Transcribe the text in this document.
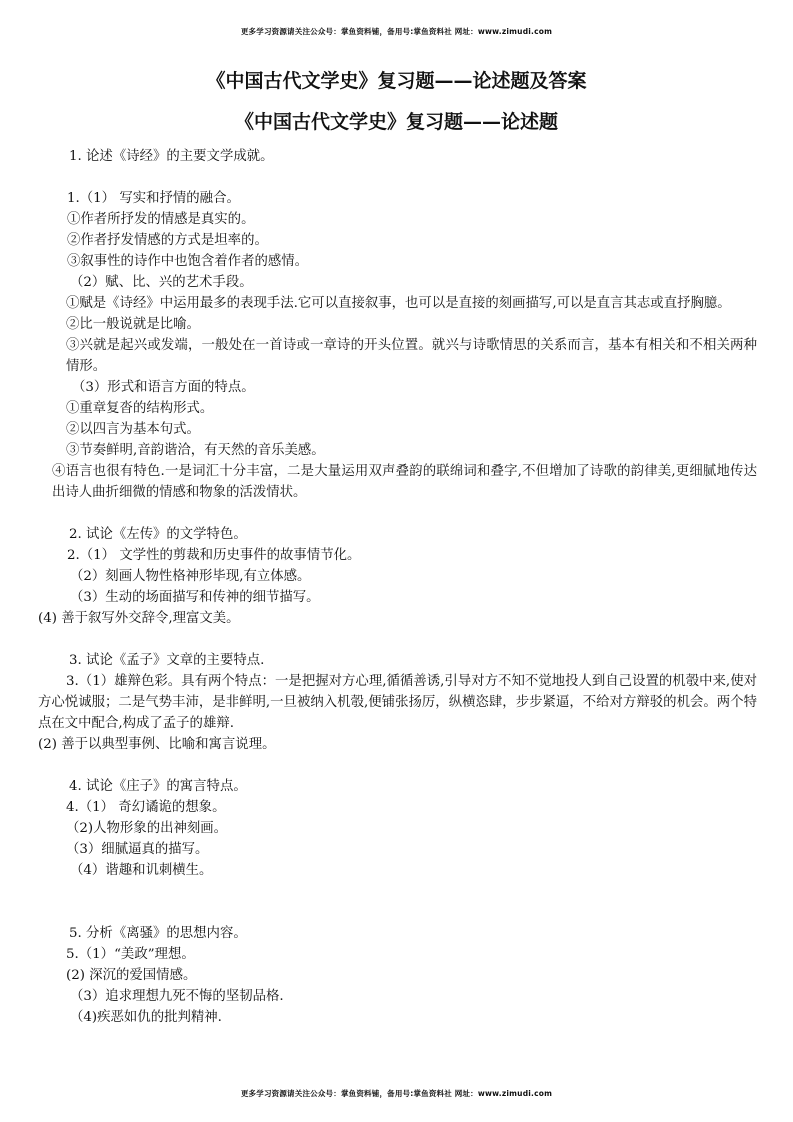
更多学习资源请关注公众号：掌鱼资料铺，备用号:掌鱼资料社 网址：www.zimudi.com
《中国古代文学史》复习题——论述题及答案
《中国古代文学史》复习题——论述题
1. 论述《诗经》的主要文学成就。
1.（1） 写实和抒情的融合。
①作者所抒发的情感是真实的。
②作者抒发情感的方式是坦率的。
③叙事性的诗作中也饱含着作者的感情。
（2）赋、比、兴的艺术手段。
①赋是《诗经》中运用最多的表现手法.它可以直接叙事，也可以是直接的刻画描写,可以是直言其志或直抒胸臆。
②比一般说就是比喻。
③兴就是起兴或发端，一般处在一首诗或一章诗的开头位置。就兴与诗歌情思的关系而言，基本有相关和不相关两种情形。
（3）形式和语言方面的特点。
①重章复沓的结构形式。
②以四言为基本句式。
③节奏鲜明,音韵谐洽，有天然的音乐美感。
④语言也很有特色.一是词汇十分丰富，二是大量运用双声叠韵的联绵词和叠字,不但增加了诗歌的韵律美,更细腻地传达出诗人曲折细微的情感和物象的活泼情状。
2. 试论《左传》的文学特色。
2.（1） 文学性的剪裁和历史事件的故事情节化。
（2）刻画人物性格神形毕现,有立体感。
（3）生动的场面描写和传神的细节描写。
(4) 善于叙写外交辞令,理富文美。
3. 试论《孟子》文章的主要特点.
3.（1）雄辩色彩。具有两个特点：一是把握对方心理,循循善诱,引导对方不知不觉地投人到自己设置的机彀中来,使对方心悦诚服；二是气势丰沛，是非鲜明,一旦被纳入机彀,便铺张扬厉，纵横恣肆，步步紧逼，不给对方辩驳的机会。两个特点在文中配合,构成了孟子的雄辩.
(2) 善于以典型事例、比喻和寓言说理。
4. 试论《庄子》的寓言特点。
4.（1） 奇幻谲诡的想象。
（2)人物形象的出神刻画。
（3）细腻逼真的描写。
（4）谐趣和讥刺横生。
5. 分析《离骚》的思想内容。
5.（1）“美政”理想。
(2) 深沉的爱国情感。
（3）追求理想九死不悔的坚韧品格.
（4)疾恶如仇的批判精神.
更多学习资源请关注公众号：掌鱼资料铺，备用号:掌鱼资料社 网址：www.zimudi.com
